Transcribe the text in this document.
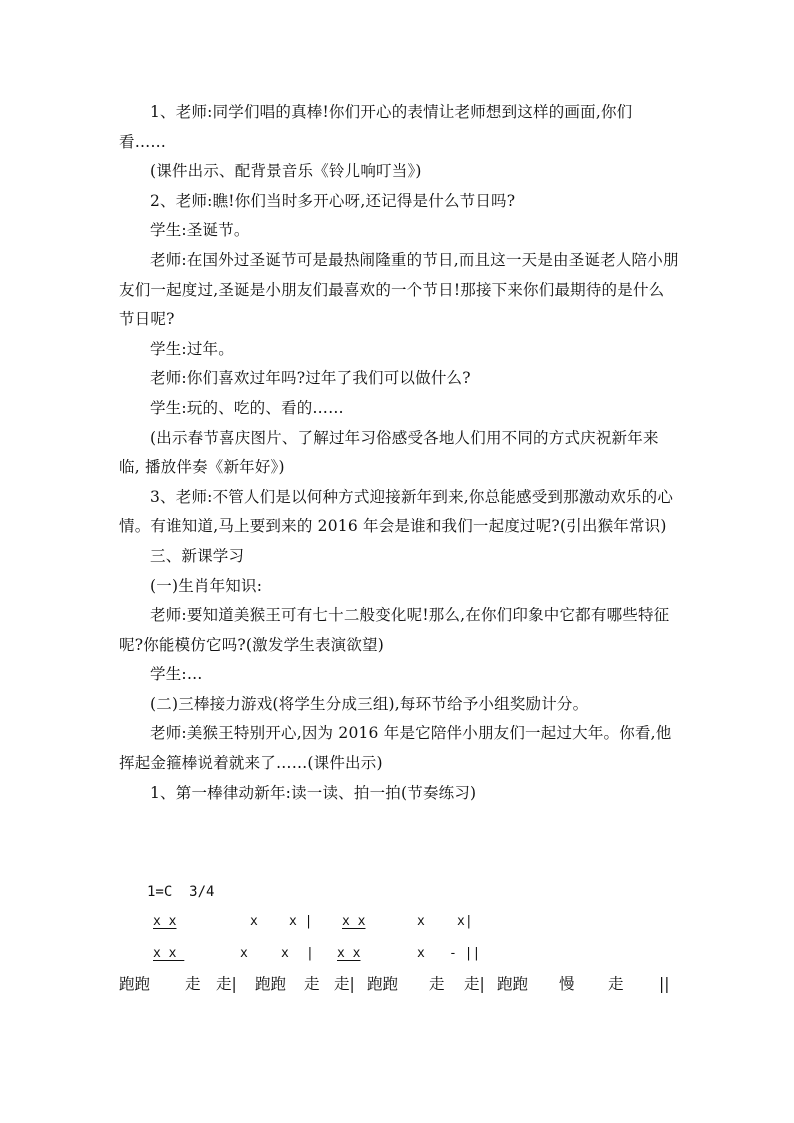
1、老师:同学们唱的真棒!你们开心的表情让老师想到这样的画面,你们看……

(课件出示、配背景音乐《铃儿响叮当》)

2、老师:瞧!你们当时多开心呀,还记得是什么节日吗?

学生:圣诞节。

老师:在国外过圣诞节可是最热闹隆重的节日,而且这一天是由圣诞老人陪小朋友们一起度过,圣诞是小朋友们最喜欢的一个节日!那接下来你们最期待的是什么节日呢?

学生:过年。

老师:你们喜欢过年吗?过年了我们可以做什么?

学生:玩的、吃的、看的……

(出示春节喜庆图片、了解过年习俗感受各地人们用不同的方式庆祝新年来临, 播放伴奏《新年好》)

3、老师:不管人们是以何种方式迎接新年到来,你总能感受到那激动欢乐的心情。有谁知道,马上要到来的 2016 年会是谁和我们一起度过呢?(引出猴年常识)

三、新课学习

(一)生肖年知识:

老师:要知道美猴王可有七十二般变化呢!那么,在你们印象中它都有哪些特征呢?你能模仿它吗?(激发学生表演欲望)

学生:…

(二)三棒接力游戏(将学生分成三组),每环节给予小组奖励计分。

老师:美猴王特别开心,因为 2016 年是它陪伴小朋友们一起过大年。你看,他挥起金箍棒说着就来了……(课件出示)

1、第一棒律动新年:读一读、拍一拍(节奏练习)

1=C  3/4
x x	x x | x x	x x|
x x	x	x | x x	x - ||
跑跑 走 走| 跑跑 走 走| 跑跑 走 走| 跑跑 慢 走 ||
